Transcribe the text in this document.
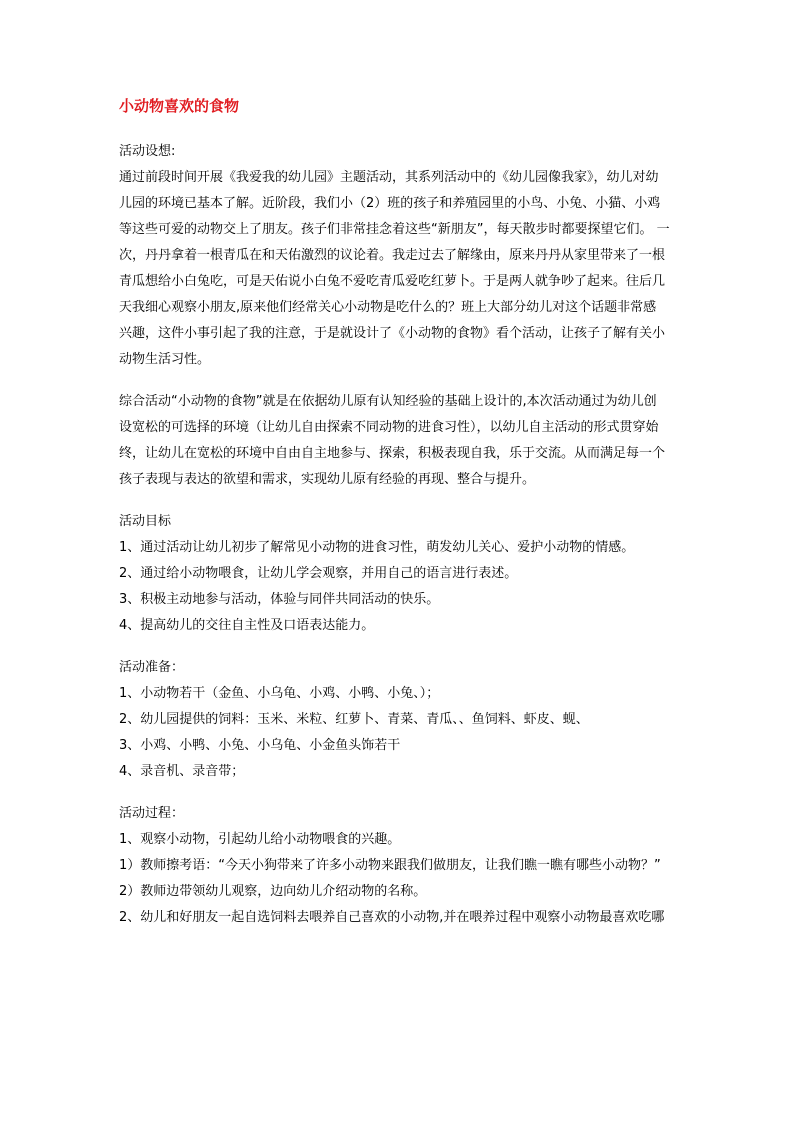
小动物喜欢的食物
活动设想:
通过前段时间开展《我爱我的幼儿园》主题活动，其系列活动中的《幼儿园像我家》，幼儿对幼
儿园的环境已基本了解。近阶段，我们小（2）班的孩子和养殖园里的小鸟、小兔、小猫、小鸡
等这些可爱的动物交上了朋友。孩子们非常挂念着这些“新朋友”，每天散步时都要探望它们。 一
次，丹丹拿着一根青瓜在和天佑激烈的议论着。我走过去了解缘由，原来丹丹从家里带来了一根
青瓜想给小白兔吃，可是天佑说小白兔不爱吃青瓜爱吃红萝卜。于是两人就争吵了起来。往后几
天我细心观察小朋友,原来他们经常关心小动物是吃什么的？班上大部分幼儿对这个话题非常感
兴趣，这件小事引起了我的注意，于是就设计了《小动物的食物》看个活动，让孩子了解有关小
动物生活习性。
综合活动“小动物的食物”就是在依据幼儿原有认知经验的基础上设计的,本次活动通过为幼儿创
设宽松的可选择的环境（让幼儿自由探索不同动物的进食习性），以幼儿自主活动的形式贯穿始
终，让幼儿在宽松的环境中自由自主地参与、探索，积极表现自我，乐于交流。从而满足每一个
孩子表现与表达的欲望和需求，实现幼儿原有经验的再现、整合与提升。
活动目标
1、通过活动让幼儿初步了解常见小动物的进食习性，萌发幼儿关心、爱护小动物的情感。
2、通过给小动物喂食，让幼儿学会观察，并用自己的语言进行表述。
3、积极主动地参与活动，体验与同伴共同活动的快乐。
4、提高幼儿的交往自主性及口语表达能力。
活动准备：
1、小动物若干（金鱼、小乌龟、小鸡、小鸭、小兔、）；
2、幼儿园提供的饲料：玉米、米粒、红萝卜、青菜、青瓜、、鱼饲料、虾皮、蚬、
3、小鸡、小鸭、小兔、小乌龟、小金鱼头饰若干
4、录音机、录音带；
活动过程：
1、观察小动物，引起幼儿给小动物喂食的兴趣。
1）教师擦考语：“今天小狗带来了许多小动物来跟我们做朋友，让我们瞧一瞧有哪些小动物？”
2）教师边带领幼儿观察，边向幼儿介绍动物的名称。
2、幼儿和好朋友一起自选饲料去喂养自己喜欢的小动物,并在喂养过程中观察小动物最喜欢吃哪
